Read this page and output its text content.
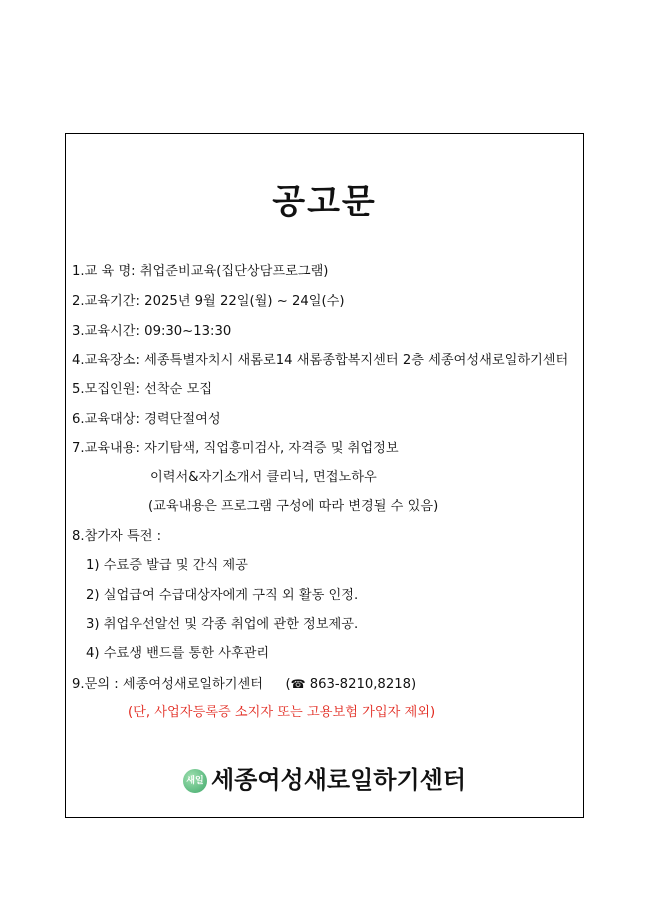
공고문
1.교 육 명: 취업준비교육(집단상담프로그램)
2.교육기간: 2025년 9월 22일(월) ~ 24일(수)
3.교육시간: 09:30~13:30
4.교육장소: 세종특별자치시 새롬로14 새롬종합복지센터 2층 세종여성새로일하기센터
5.모집인원: 선착순 모집
6.교육대상: 경력단절여성
7.교육내용: 자기탐색, 직업흥미검사, 자격증 및 취업정보
이력서&자기소개서 클리닉, 면접노하우
(교육내용은 프로그램 구성에 따라 변경될 수 있음)
8.참가자 특전 :
1) 수료증 발급 및 간식 제공
2) 실업급여 수급대상자에게 구직 외 활동 인정.
3) 취업우선알선 및 각종 취업에 관한 정보제공.
4) 수료생 밴드를 통한 사후관리
9.문의 : 세종여성새로일하기센터 (☎ 863-8210,8218)
(단, 사업자등록증 소지자 또는 고용보험 가입자 제외)
새일 세종여성새로일하기센터
